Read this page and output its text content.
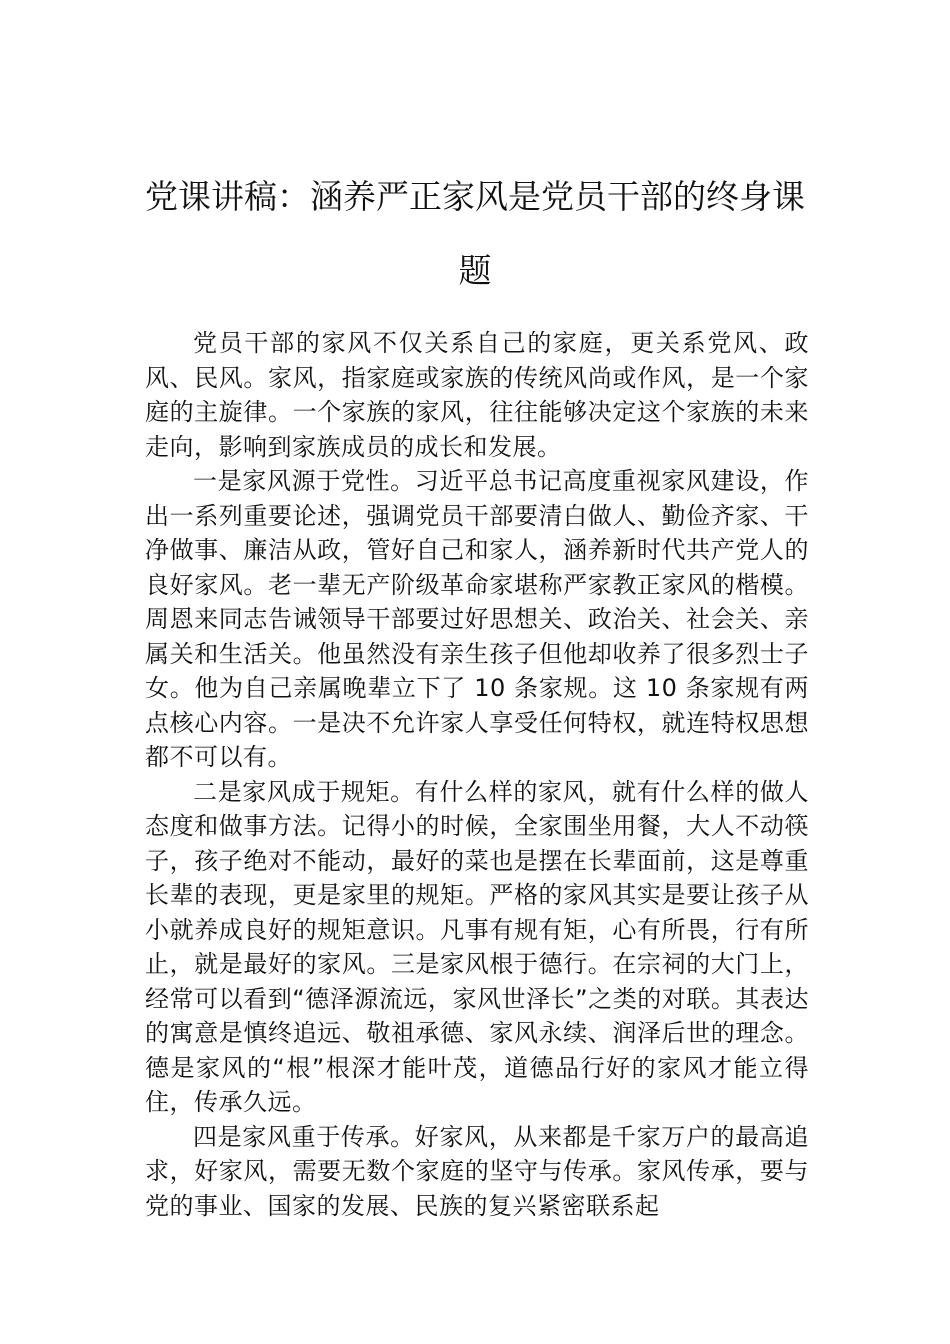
党课讲稿：涵养严正家风是党员干部的终身课题

党员干部的家风不仅关系自己的家庭，更关系党风、政风、民风。家风，指家庭或家族的传统风尚或作风，是一个家庭的主旋律。一个家族的家风，往往能够决定这个家族的未来走向，影响到家族成员的成长和发展。

一是家风源于党性。习近平总书记高度重视家风建设，作出一系列重要论述，强调党员干部要清白做人、勤俭齐家、干净做事、廉洁从政，管好自己和家人，涵养新时代共产党人的良好家风。老一辈无产阶级革命家堪称严家教正家风的楷模。周恩来同志告诫领导干部要过好思想关、政治关、社会关、亲属关和生活关。他虽然没有亲生孩子但他却收养了很多烈士子女。他为自己亲属晚辈立下了 10 条家规。这 10 条家规有两点核心内容。一是决不允许家人享受任何特权，就连特权思想都不可以有。

二是家风成于规矩。有什么样的家风，就有什么样的做人态度和做事方法。记得小的时候，全家围坐用餐，大人不动筷子，孩子绝对不能动，最好的菜也是摆在长辈面前，这是尊重长辈的表现，更是家里的规矩。严格的家风其实是要让孩子从小就养成良好的规矩意识。凡事有规有矩，心有所畏，行有所止，就是最好的家风。三是家风根于德行。在宗祠的大门上，经常可以看到“德泽源流远，家风世泽长”之类的对联。其表达的寓意是慎终追远、敬祖承德、家风永续、润泽后世的理念。德是家风的“根”根深才能叶茂，道德品行好的家风才能立得住，传承久远。

四是家风重于传承。好家风，从来都是千家万户的最高追求，好家风，需要无数个家庭的坚守与传承。家风传承，要与党的事业、国家的发展、民族的复兴紧密联系起
